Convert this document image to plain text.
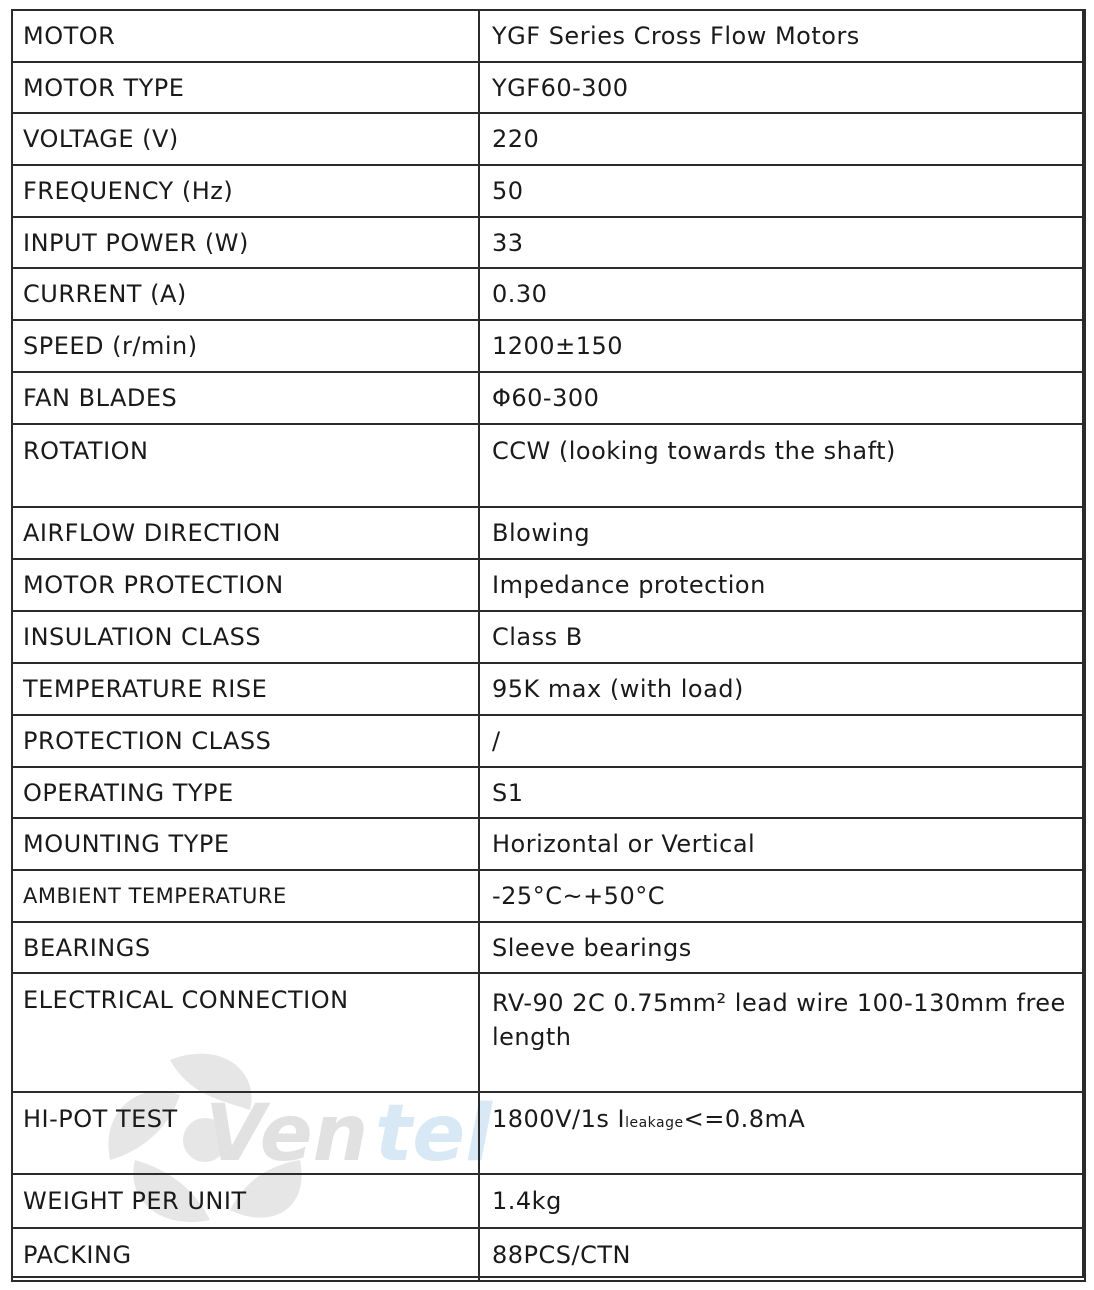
Ven tel
MOTOR	YGF Series Cross Flow Motors
MOTOR TYPE	YGF60-300
VOLTAGE (V)	220
FREQUENCY (Hz)	50
INPUT POWER (W)	33
CURRENT (A)	0.30
SPEED (r/min)	1200±150
FAN BLADES	Φ60-300
ROTATION	CCW (looking towards the shaft)
AIRFLOW DIRECTION	Blowing
MOTOR PROTECTION	Impedance protection
INSULATION CLASS	Class B
TEMPERATURE RISE	95K max (with load)
PROTECTION CLASS	/
OPERATING TYPE	S1
MOUNTING TYPE	Horizontal or Vertical
AMBIENT TEMPERATURE	-25°C~+50°C
BEARINGS	Sleeve bearings
ELECTRICAL CONNECTION	RV-90 2C 0.75mm² lead wire 100-130mm free length
HI-POT TEST	1800V/1s Ileakage<=0.8mA
WEIGHT PER UNIT	1.4kg
PACKING	88PCS/CTN
